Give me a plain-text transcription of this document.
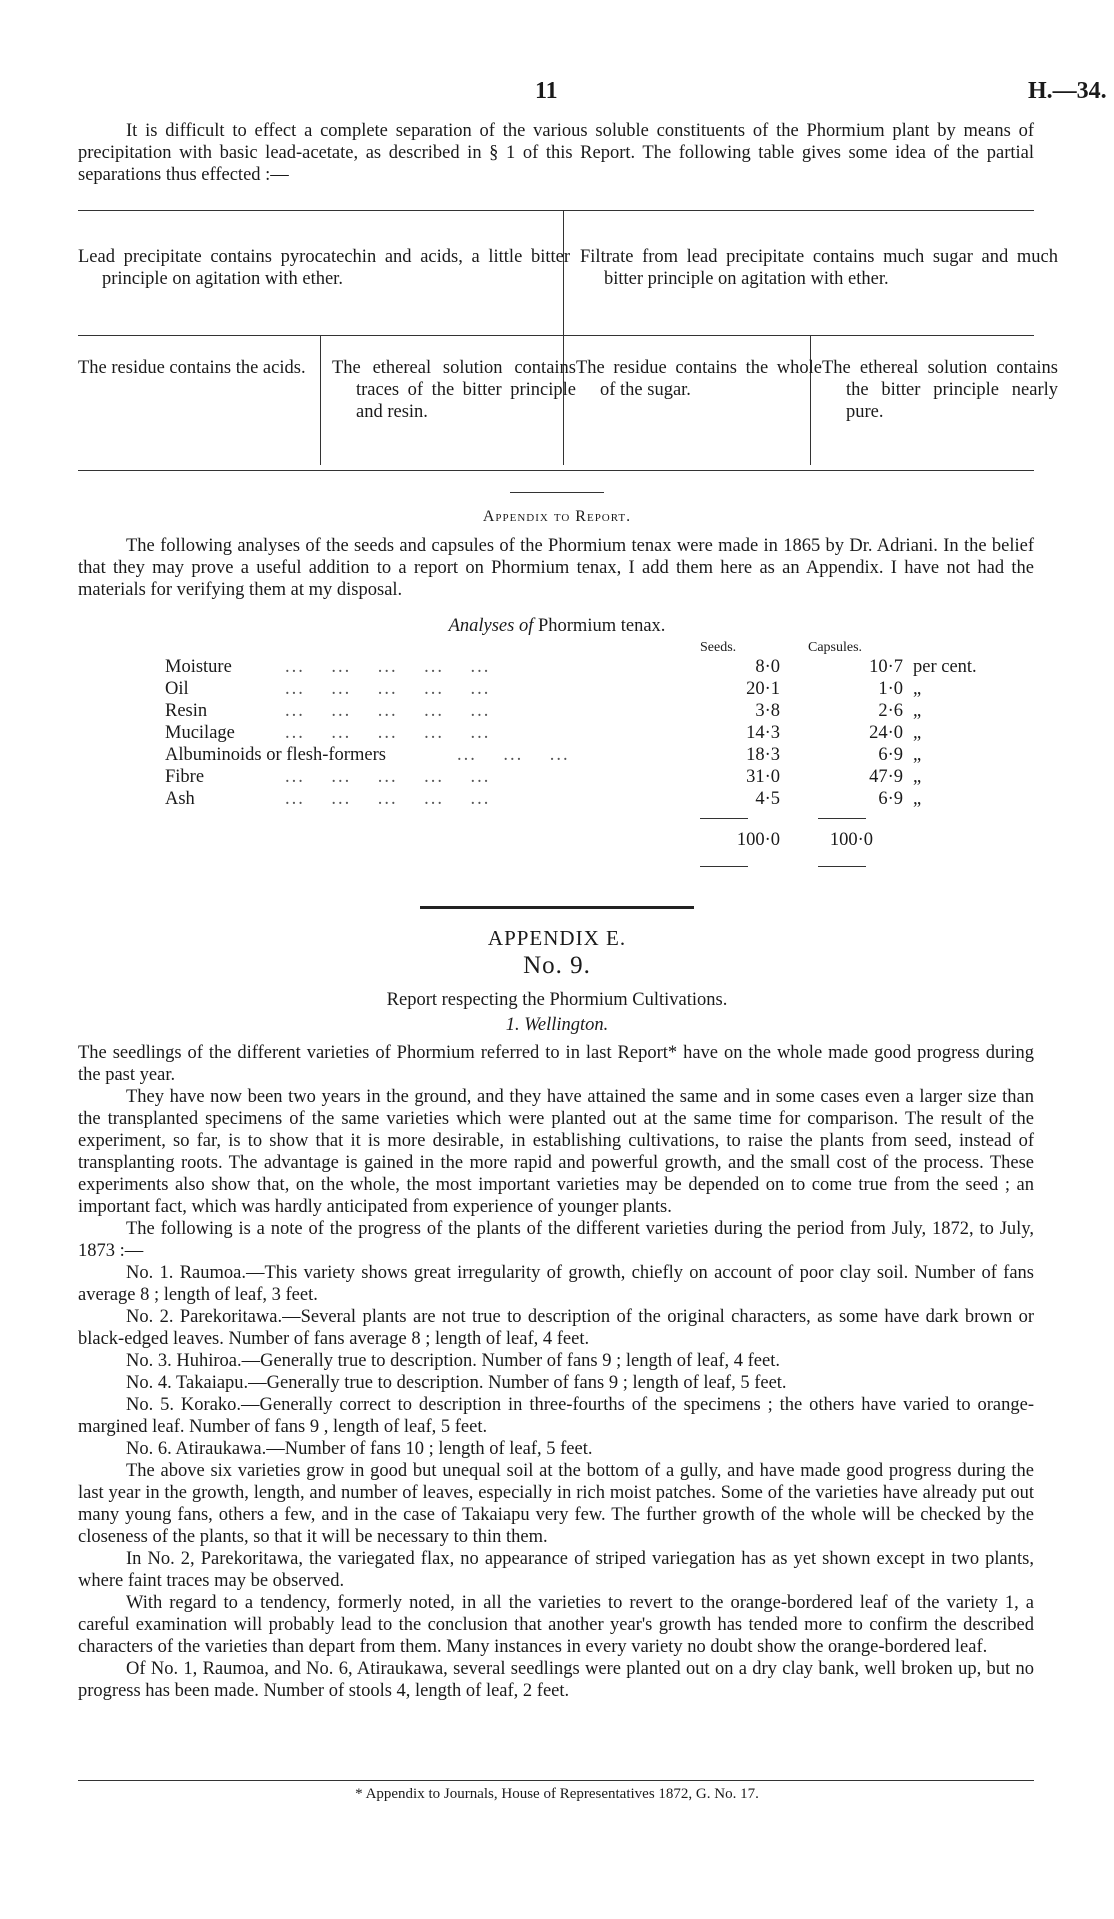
11	H.—34.
It is difficult to effect a complete separation of the various soluble constituents of the Phormium plant by means of precipitation with basic lead-acetate, as described in § 1 of this Report. The following table gives some idea of the partial separations thus effected :—
Lead precipitate contains pyrocatechin and acids, a little bitter principle on agitation with ether.
Filtrate from lead precipitate contains much sugar and much bitter principle on agitation with ether.
The residue contains the acids.	The ethereal solution contains traces of the bitter principle and resin.
The residue contains the whole of the sugar.
The ethereal solution contains the bitter principle nearly pure.
Appendix to Report.
The following analyses of the seeds and capsules of the Phormium tenax were made in 1865 by Dr. Adriani. In the belief that they may prove a useful addition to a report on Phormium tenax, I add them here as an Appendix. I have not had the materials for verifying them at my disposal.
Analyses of Phormium tenax.
Seeds.	Capsules.
Moisture	...    ...    ...    ...    ...	8·0	10·7 per cent.
Oil	...    ...    ...    ...    ...	20·1	1·0 „
Resin	...    ...    ...    ...    ...	3·8	2·6 „
Mucilage	...    ...    ...    ...    ...	14·3	24·0 „
Albuminoids or flesh-formers	...    ...    ...	18·3	6·9 „
Fibre	...    ...    ...    ...    ...	31·0	47·9 „
Ash	...    ...    ...    ...    ...	4·5	6·9 „
100·0	100·0
APPENDIX E.
No. 9.
Report respecting the Phormium Cultivations.
1. Wellington.
The seedlings of the different varieties of Phormium referred to in last Report* have on the whole made good progress during the past year.
They have now been two years in the ground, and they have attained the same and in some cases even a larger size than the transplanted specimens of the same varieties which were planted out at the same time for comparison. The result of the experiment, so far, is to show that it is more desirable, in establishing cultivations, to raise the plants from seed, instead of transplanting roots. The advantage is gained in the more rapid and powerful growth, and the small cost of the process. These experiments also show that, on the whole, the most important varieties may be depended on to come true from the seed ; an important fact, which was hardly anticipated from experience of younger plants.
The following is a note of the progress of the plants of the different varieties during the period from July, 1872, to July, 1873 :—
No. 1. Raumoa.—This variety shows great irregularity of growth, chiefly on account of poor clay soil. Number of fans average 8 ; length of leaf, 3 feet.
No. 2. Parekoritawa.—Several plants are not true to description of the original characters, as some have dark brown or black-edged leaves. Number of fans average 8 ; length of leaf, 4 feet.
No. 3. Huhiroa.—Generally true to description. Number of fans 9 ; length of leaf, 4 feet.
No. 4. Takaiapu.—Generally true to description. Number of fans 9 ; length of leaf, 5 feet.
No. 5. Korako.—Generally correct to description in three-fourths of the specimens ; the others have varied to orange-margined leaf. Number of fans 9 , length of leaf, 5 feet.
No. 6. Atiraukawa.—Number of fans 10 ; length of leaf, 5 feet.
The above six varieties grow in good but unequal soil at the bottom of a gully, and have made good progress during the last year in the growth, length, and number of leaves, especially in rich moist patches. Some of the varieties have already put out many young fans, others a few, and in the case of Takaiapu very few. The further growth of the whole will be checked by the closeness of the plants, so that it will be necessary to thin them.
In No. 2, Parekoritawa, the variegated flax, no appearance of striped variegation has as yet shown except in two plants, where faint traces may be observed.
With regard to a tendency, formerly noted, in all the varieties to revert to the orange-bordered leaf of the variety 1, a careful examination will probably lead to the conclusion that another year's growth has tended more to confirm the described characters of the varieties than depart from them. Many instances in every variety no doubt show the orange-bordered leaf.
Of No. 1, Raumoa, and No. 6, Atiraukawa, several seedlings were planted out on a dry clay bank, well broken up, but no progress has been made. Number of stools 4, length of leaf, 2 feet.
* Appendix to Journals, House of Representatives 1872, G. No. 17.
